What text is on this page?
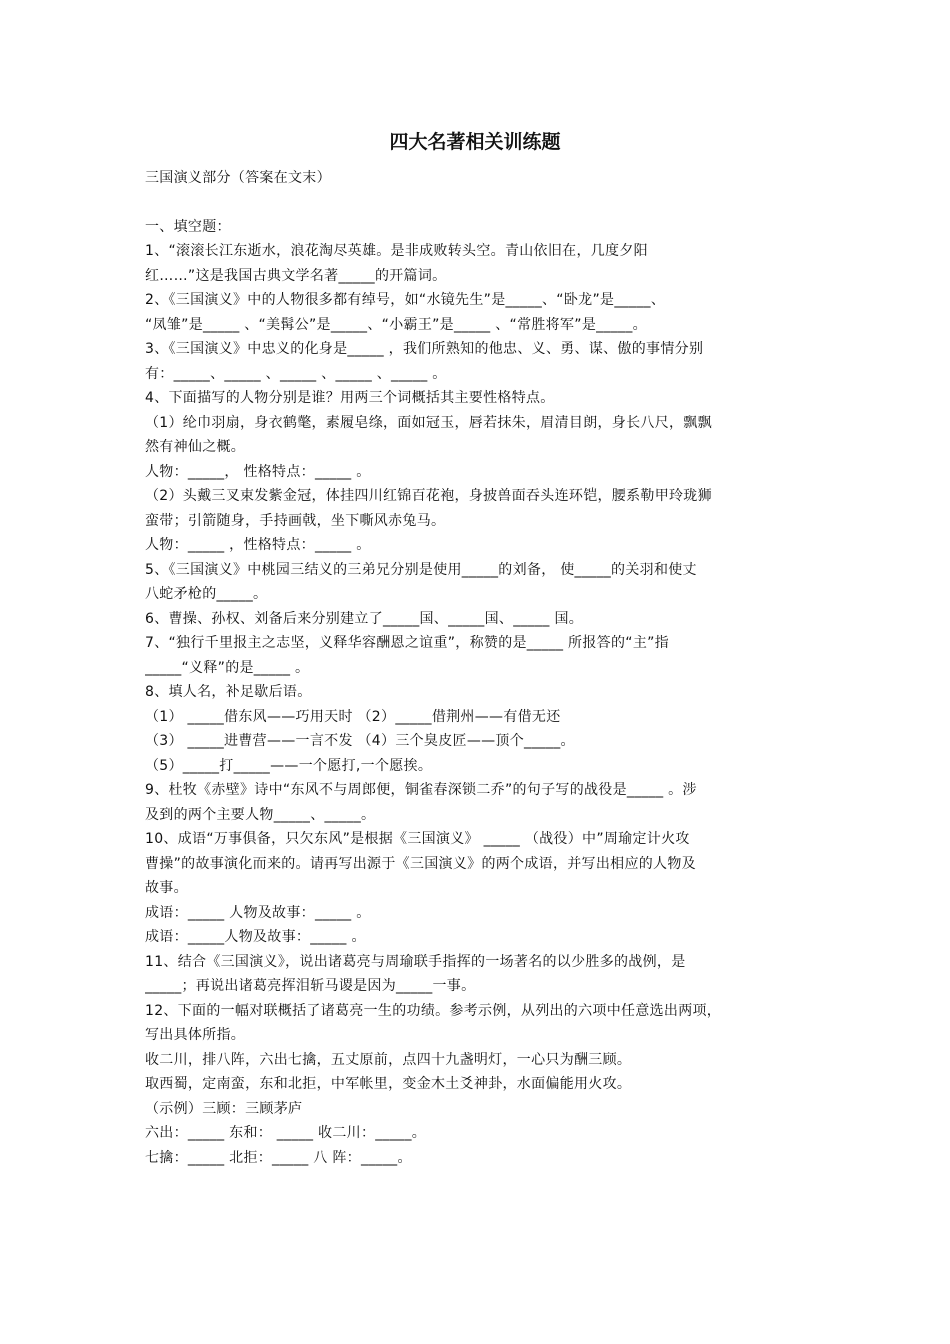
四大名著相关训练题

三国演义部分（答案在文末）

一、填空题：

1、“滚滚长江东逝水，浪花淘尽英雄。是非成败转头空。青山依旧在，几度夕阳

红……”这是我国古典文学名著_____的开篇词。

2、《三国演义》中的人物很多都有绰号，如“水镜先生”是_____、“卧龙”是_____、

“凤雏”是_____ 、“美髯公”是_____、“小霸王”是_____ 、“常胜将军”是_____。

3、《三国演义》中忠义的化身是_____ ，我们所熟知的他忠、义、勇、谋、傲的事情分别

有：_____、_____ 、_____ 、_____ 、_____ 。

4、下面描写的人物分别是谁？用两三个词概括其主要性格特点。

（1）纶巾羽扇，身衣鹤氅，素履皂绦，面如冠玉，唇若抹朱，眉清目朗，身长八尺，飘飘

然有神仙之概。

人物：_____， 性格特点：_____ 。

（2）头戴三叉束发紫金冠，体挂四川红锦百花袍，身披兽面吞头连环铠，腰系勒甲玲珑狮

蛮带；引箭随身，手持画戟，坐下嘶风赤兔马。

人物：_____ ，性格特点：_____ 。

5、《三国演义》中桃园三结义的三弟兄分别是使用_____的刘备， 使_____的关羽和使丈

八蛇矛枪的_____。

6、曹操、孙权、刘备后来分别建立了_____国、_____国、_____ 国。

7、“独行千里报主之志坚，义释华容酬恩之谊重”，称赞的是_____ 所报答的“主”指

_____“义释”的是_____ 。

8、填人名，补足歇后语。

（1） _____借东风——巧用天时 （2）_____借荆州——有借无还

（3） _____进曹营——一言不发 （4）三个臭皮匠——顶个_____。

（5）_____打_____——一个愿打,一个愿挨。

9、杜牧《赤壁》诗中“东风不与周郎便，铜雀春深锁二乔”的句子写的战役是_____ 。涉

及到的两个主要人物_____、_____。

10、成语“万事俱备，只欠东风”是根据《三国演义》 _____ （战役）中”周瑜定计火攻

曹操”的故事演化而来的。请再写出源于《三国演义》的两个成语，并写出相应的人物及

故事。

成语：_____ 人物及故事：_____ 。

成语：_____人物及故事：_____ 。

11、结合《三国演义》，说出诸葛亮与周瑜联手指挥的一场著名的以少胜多的战例，是

_____；再说出诸葛亮挥泪斩马谡是因为_____一事。

12、下面的一幅对联概括了诸葛亮一生的功绩。参考示例，从列出的六项中任意选出两项，

写出具体所指。

收二川，排八阵，六出七擒，五丈原前，点四十九盏明灯，一心只为酬三顾。

取西蜀，定南蛮，东和北拒，中军帐里，变金木土爻神卦，水面偏能用火攻。

（示例）三顾：三顾茅庐

六出：_____ 东和： _____ 收二川：_____。

七擒：_____ 北拒：_____ 八 阵：_____。
